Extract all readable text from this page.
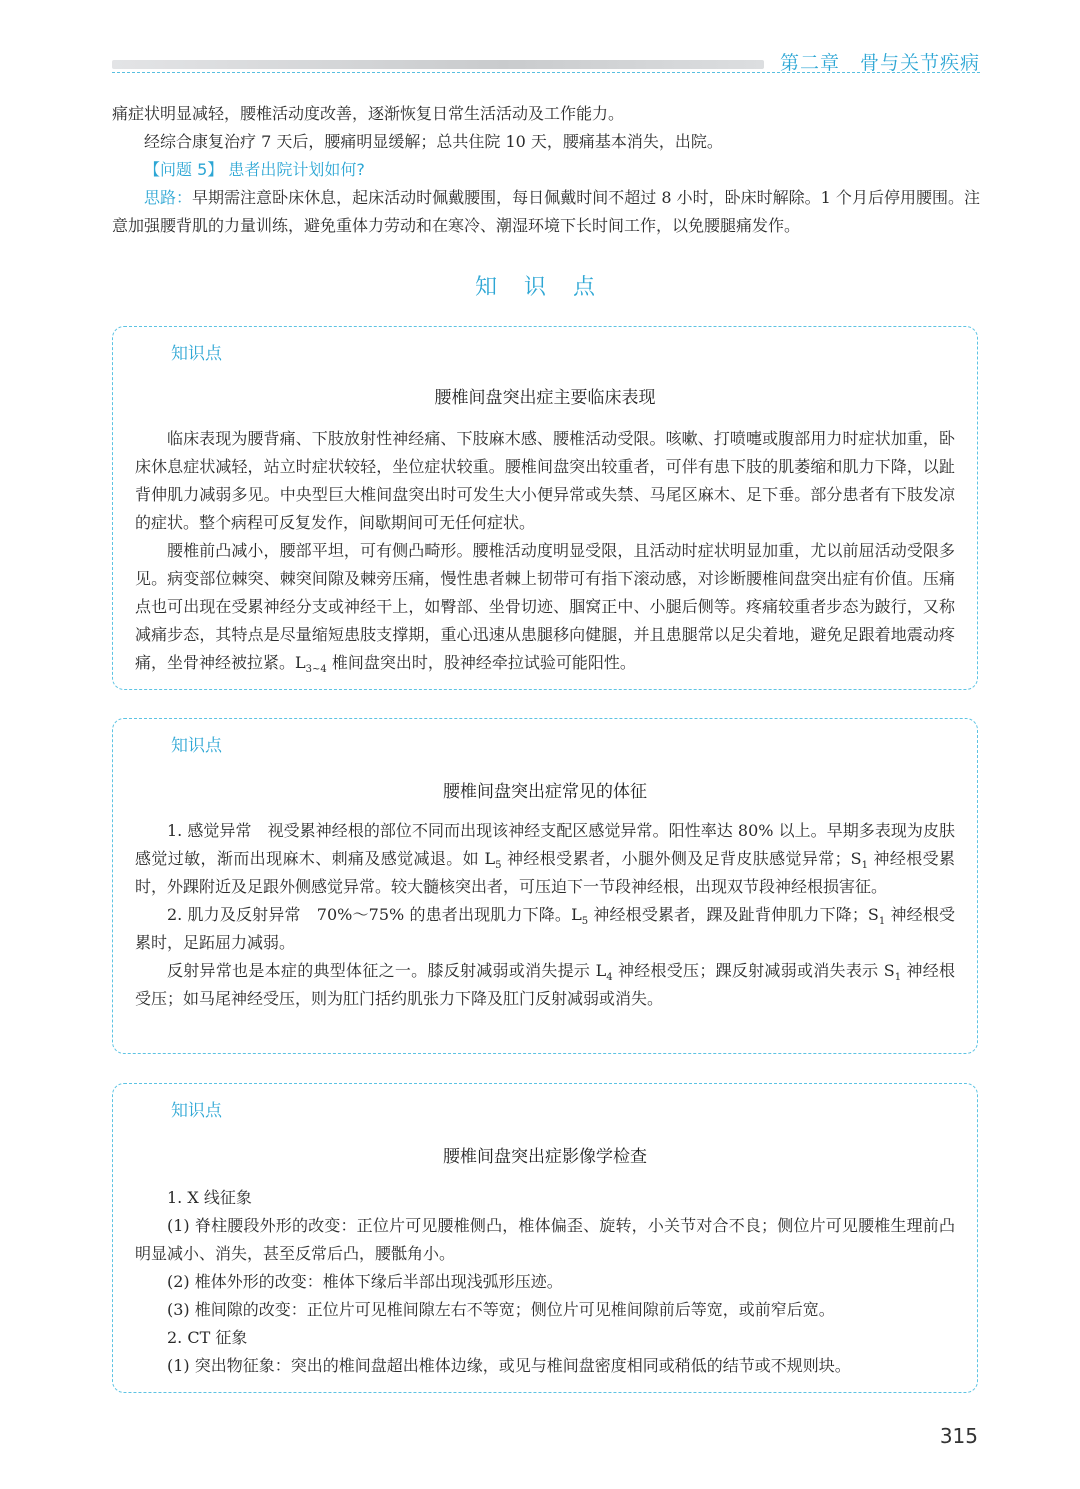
第二章　骨与关节疾病

痛症状明显减轻，腰椎活动度改善，逐渐恢复日常生活活动及工作能力。

经综合康复治疗 7 天后，腰痛明显缓解；总共住院 10 天，腰痛基本消失，出院。

【问题 5】 患者出院计划如何?

思路：早期需注意卧床休息，起床活动时佩戴腰围，每日佩戴时间不超过 8 小时，卧床时解除。1 个月后停用腰围。注意加强腰背肌的力量训练，避免重体力劳动和在寒冷、潮湿环境下长时间工作，以免腰腿痛发作。

知 识 点
知识点
腰椎间盘突出症主要临床表现

临床表现为腰背痛、下肢放射性神经痛、下肢麻木感、腰椎活动受限。咳嗽、打喷嚏或腹部用力时症状加重，卧床休息症状减轻，站立时症状较轻，坐位症状较重。腰椎间盘突出较重者，可伴有患下肢的肌萎缩和肌力下降，以趾背伸肌力减弱多见。中央型巨大椎间盘突出时可发生大小便异常或失禁、马尾区麻木、足下垂。部分患者有下肢发凉的症状。整个病程可反复发作，间歇期间可无任何症状。

腰椎前凸减小，腰部平坦，可有侧凸畸形。腰椎活动度明显受限，且活动时症状明显加重，尤以前屈活动受限多见。病变部位棘突、棘突间隙及棘旁压痛，慢性患者棘上韧带可有指下滚动感，对诊断腰椎间盘突出症有价值。压痛点也可出现在受累神经分支或神经干上，如臀部、坐骨切迹、腘窝正中、小腿后侧等。疼痛较重者步态为跛行，又称减痛步态，其特点是尽量缩短患肢支撑期，重心迅速从患腿移向健腿，并且患腿常以足尖着地，避免足跟着地震动疼痛，坐骨神经被拉紧。$L_{3\sim 4}$ 椎间盘突出时，股神经牵拉试验可能阳性。

知识点
腰椎间盘突出症常见的体征

1. 感觉异常　视受累神经根的部位不同而出现该神经支配区感觉异常。阳性率达 80% 以上。早期多表现为皮肤感觉过敏，渐而出现麻木、刺痛及感觉减退。如 $L_5$ 神经根受累者，小腿外侧及足背皮肤感觉异常；$S_1$ 神经根受累时，外踝附近及足跟外侧感觉异常。较大髓核突出者，可压迫下一节段神经根，出现双节段神经根损害征。

2. 肌力及反射异常　70%～75% 的患者出现肌力下降。$L_5$ 神经根受累者，踝及趾背伸肌力下降；$S_1$ 神经根受累时，足跖屈力减弱。

反射异常也是本症的典型体征之一。膝反射减弱或消失提示 $L_4$ 神经根受压；踝反射减弱或消失表示 $S_1$ 神经根受压；如马尾神经受压，则为肛门括约肌张力下降及肛门反射减弱或消失。

知识点
腰椎间盘突出症影像学检查

1. X 线征象

(1) 脊柱腰段外形的改变：正位片可见腰椎侧凸，椎体偏歪、旋转，小关节对合不良；侧位片可见腰椎生理前凸明显减小、消失，甚至反常后凸，腰骶角小。

(2) 椎体外形的改变：椎体下缘后半部出现浅弧形压迹。

(3) 椎间隙的改变：正位片可见椎间隙左右不等宽；侧位片可见椎间隙前后等宽，或前窄后宽。

2. CT 征象

(1) 突出物征象：突出的椎间盘超出椎体边缘，或见与椎间盘密度相同或稍低的结节或不规则块。

315
